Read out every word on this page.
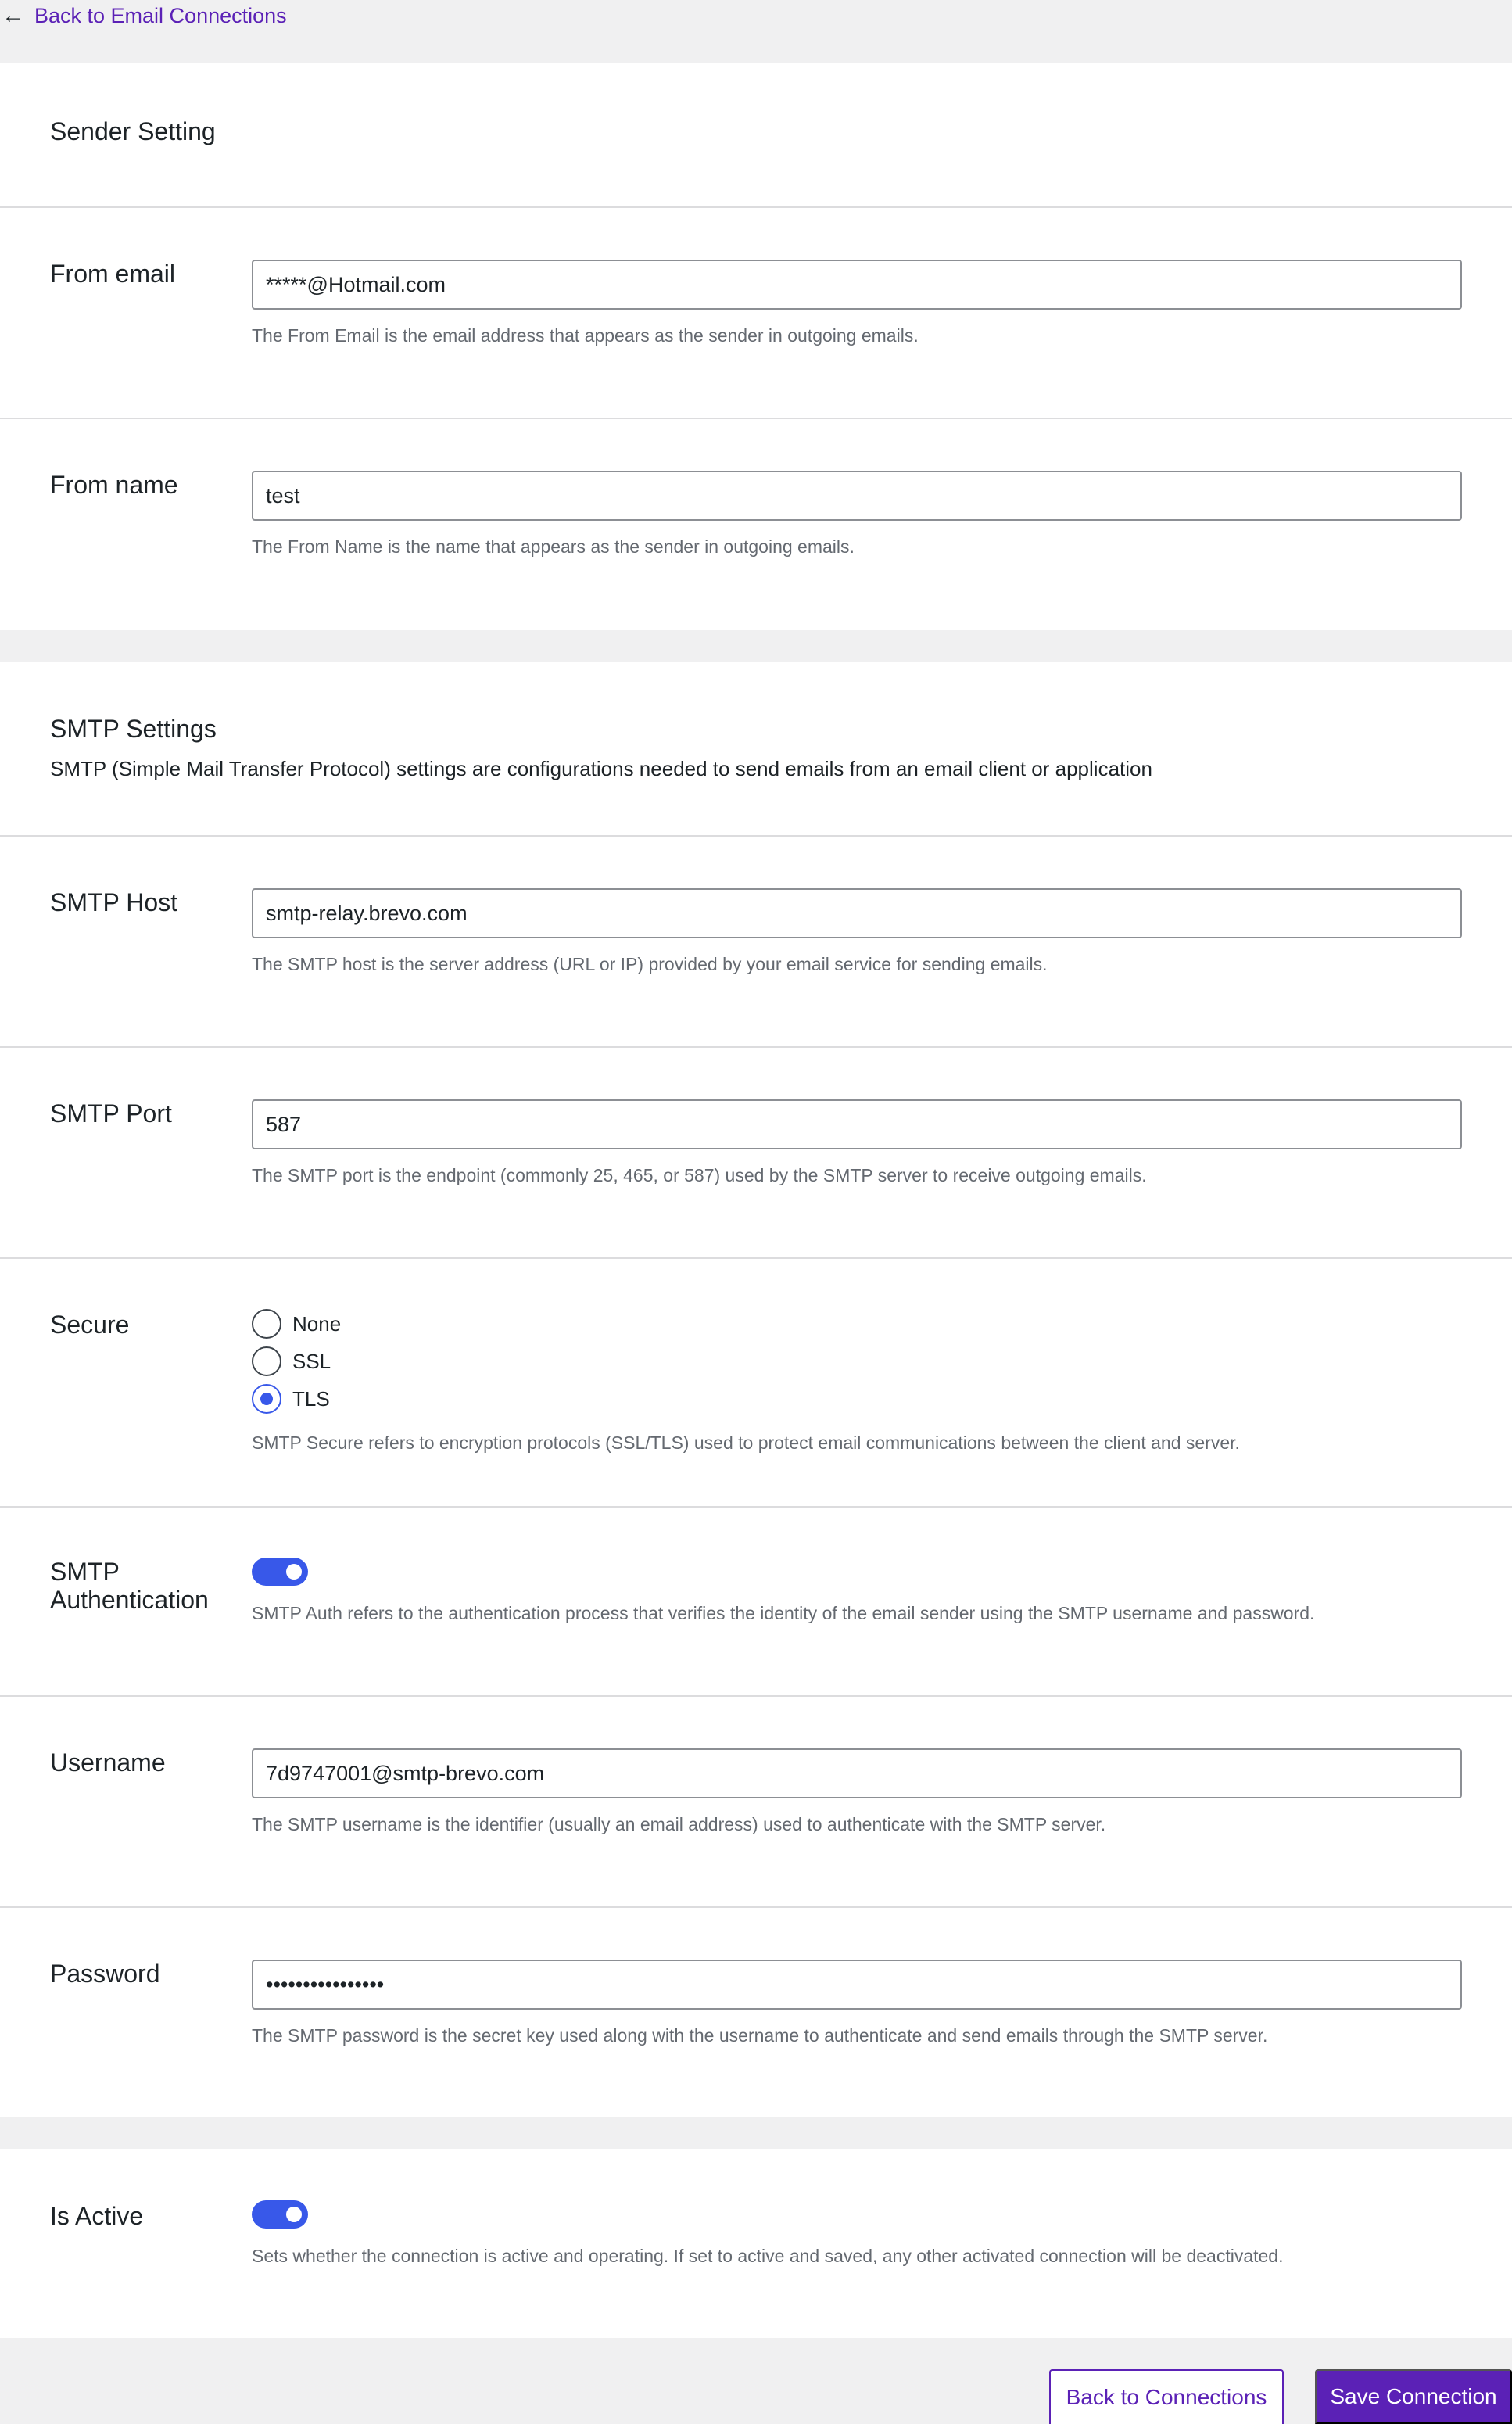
← Back to Email Connections
Sender Setting
From email
*****@Hotmail.com
The From Email is the email address that appears as the sender in outgoing emails.
From name
test
The From Name is the name that appears as the sender in outgoing emails.
SMTP Settings
SMTP (Simple Mail Transfer Protocol) settings are configurations needed to send emails from an email client or application
SMTP Host
smtp-relay.brevo.com
The SMTP host is the server address (URL or IP) provided by your email service for sending emails.
SMTP Port
587
The SMTP port is the endpoint (commonly 25, 465, or 587) used by the SMTP server to receive outgoing emails.
Secure	None
SSL
TLS
SMTP Secure refers to encryption protocols (SSL/TLS) used to protect email communications between the client and server.
SMTP
Authentication SMTP Auth refers to the authentication process that verifies the identity of the email sender using the SMTP username and password.
Username
7d9747001@smtp-brevo.com
The SMTP username is the identifier (usually an email address) used to authenticate with the SMTP server.
Password
••••••••••••••••
The SMTP password is the secret key used along with the username to authenticate and send emails through the SMTP server.
Is Active
Sets whether the connection is active and operating. If set to active and saved, any other activated connection will be deactivated.
Back to Connections	Save Connection
